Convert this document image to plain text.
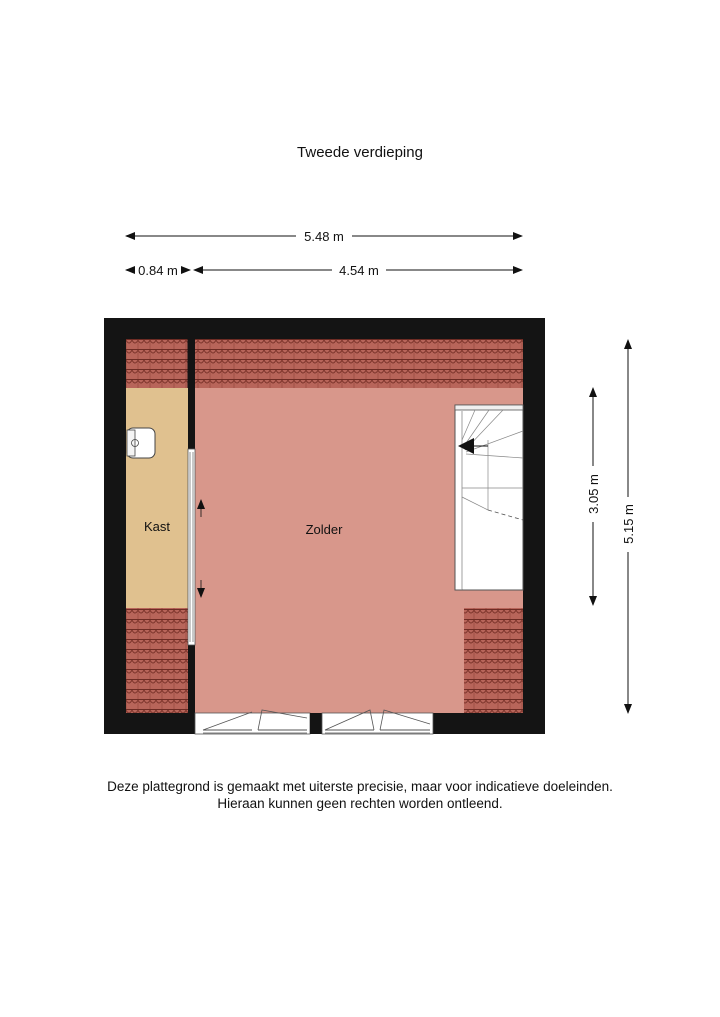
Tweede verdieping
5.48 m
0.84 m	4.54 m
3.05 m
5.15 m
Kast	Zolder
Deze plattegrond is gemaakt met uiterste precisie, maar voor indicatieve doeleinden.
Hieraan kunnen geen rechten worden ontleend.
